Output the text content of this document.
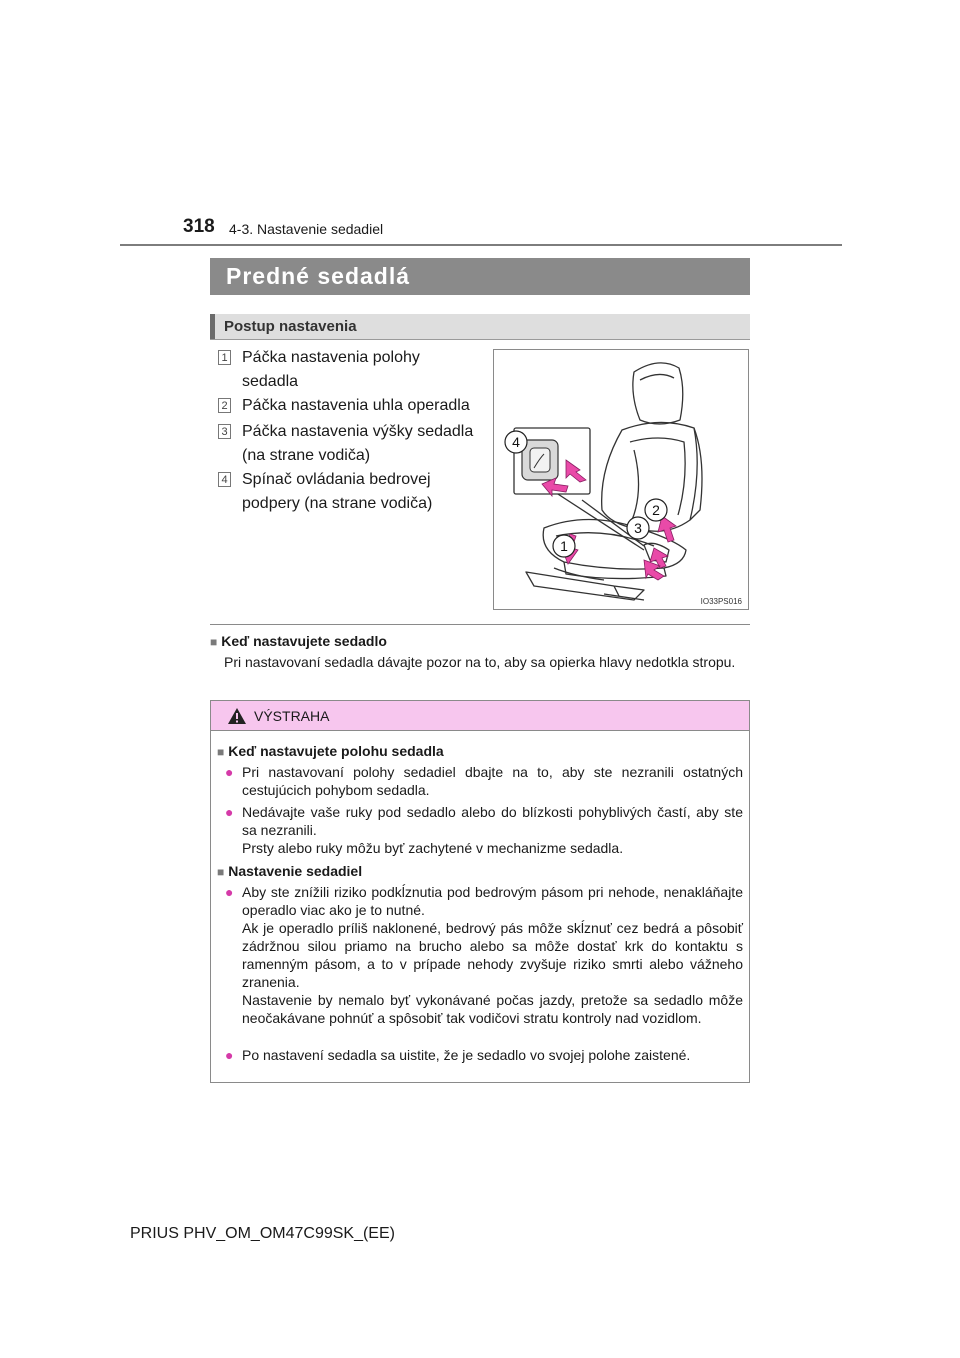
318 4-3. Nastavenie sedadiel
Predné sedadlá
Postup nastavenia
1 Páčka nastavenia polohy sedadla
2 Páčka nastavenia uhla operadla
3 Páčka nastavenia výšky sedadla (na strane vodiča)
4 Spínač ovládania bedrovej podpery (na strane vodiča)
4
2
3
1
IO33PS016
■ Keď nastavujete sedadlo
Pri nastavovaní sedadla dávajte pozor na to, aby sa opierka hlavy nedotkla stropu.
VÝSTRAHA
■ Keď nastavujete polohu sedadla
● Pri nastavovaní polohy sedadiel dbajte na to, aby ste nezranili ostatných cestujúcich pohybom sedadla.
● Nedávajte vaše ruky pod sedadlo alebo do blízkosti pohyblivých častí, aby ste sa nezranili.
Prsty alebo ruky môžu byť zachytené v mechanizme sedadla.
■ Nastavenie sedadiel
● Aby ste znížili riziko podkĺznutia pod bedrovým pásom pri nehode, nenakláňajte operadlo viac ako je to nutné.
Ak je operadlo príliš naklonené, bedrový pás môže skĺznuť cez bedrá a pôsobiť zádržnou silou priamo na brucho alebo sa môže dostať krk do kontaktu s ramenným pásom, a to v prípade nehody zvyšuje riziko smrti alebo vážneho zranenia.
Nastavenie by nemalo byť vykonávané počas jazdy, pretože sa sedadlo môže neočakávane pohnúť a spôsobiť tak vodičovi stratu kontroly nad vozidlom.
● Po nastavení sedadla sa uistite, že je sedadlo vo svojej polohe zaistené.
PRIUS PHV_OM_OM47C99SK_(EE)
